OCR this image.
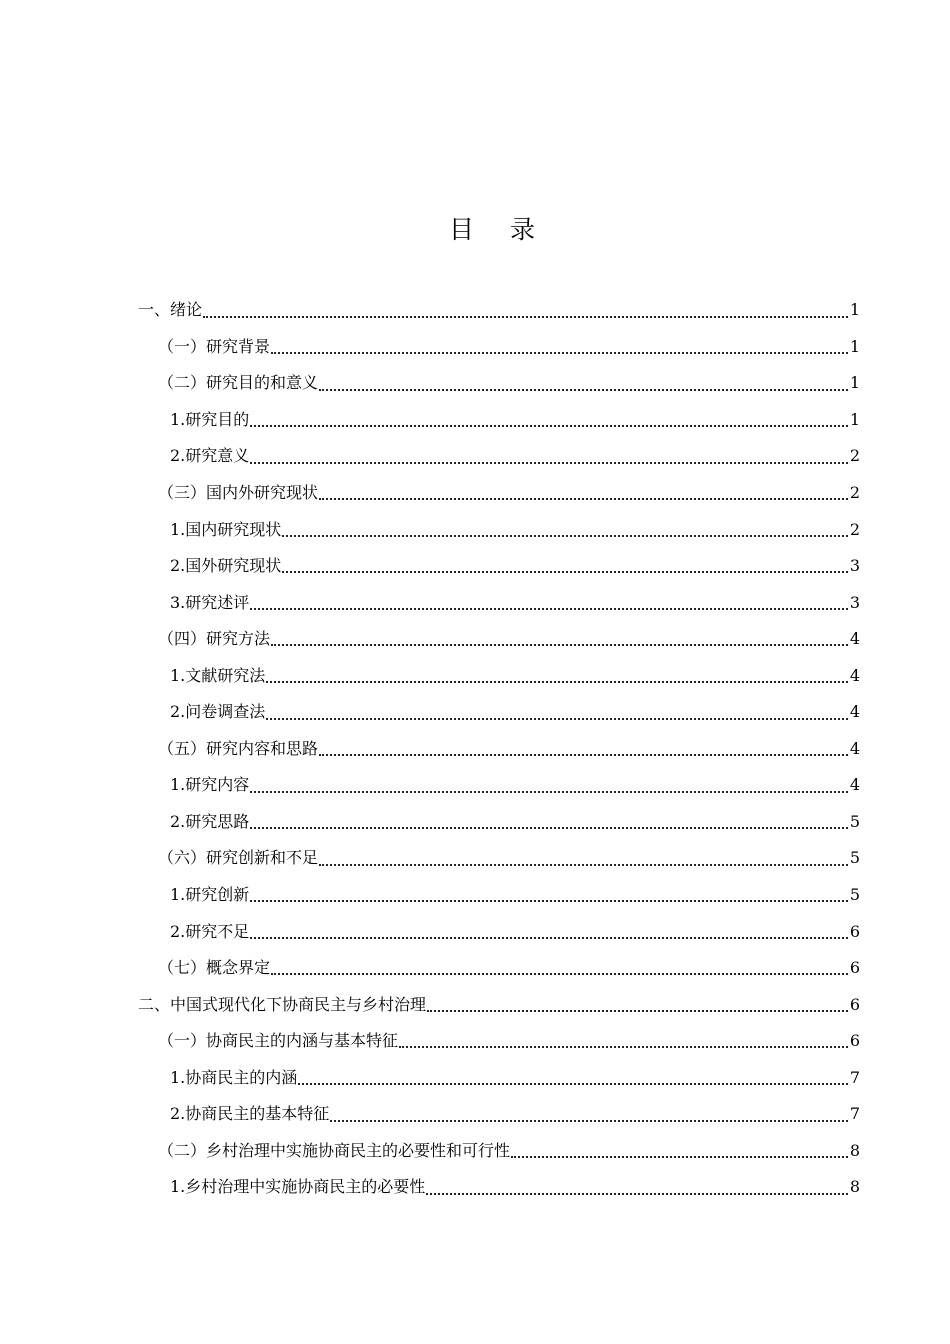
目 录
一、绪论	1
（一）研究背景	1
（二）研究目的和意义	1
1.研究目的	1
2.研究意义	2
（三）国内外研究现状	2
1.国内研究现状	2
2.国外研究现状	3
3.研究述评	3
（四）研究方法	4
1.文献研究法	4
2.问卷调查法	4
（五）研究内容和思路	4
1.研究内容	4
2.研究思路	5
（六）研究创新和不足	5
1.研究创新	5
2.研究不足	6
（七）概念界定	6
二、中国式现代化下协商民主与乡村治理	6
（一）协商民主的内涵与基本特征	6
1.协商民主的内涵	7
2.协商民主的基本特征	7
（二）乡村治理中实施协商民主的必要性和可行性	8
1.乡村治理中实施协商民主的必要性	8
